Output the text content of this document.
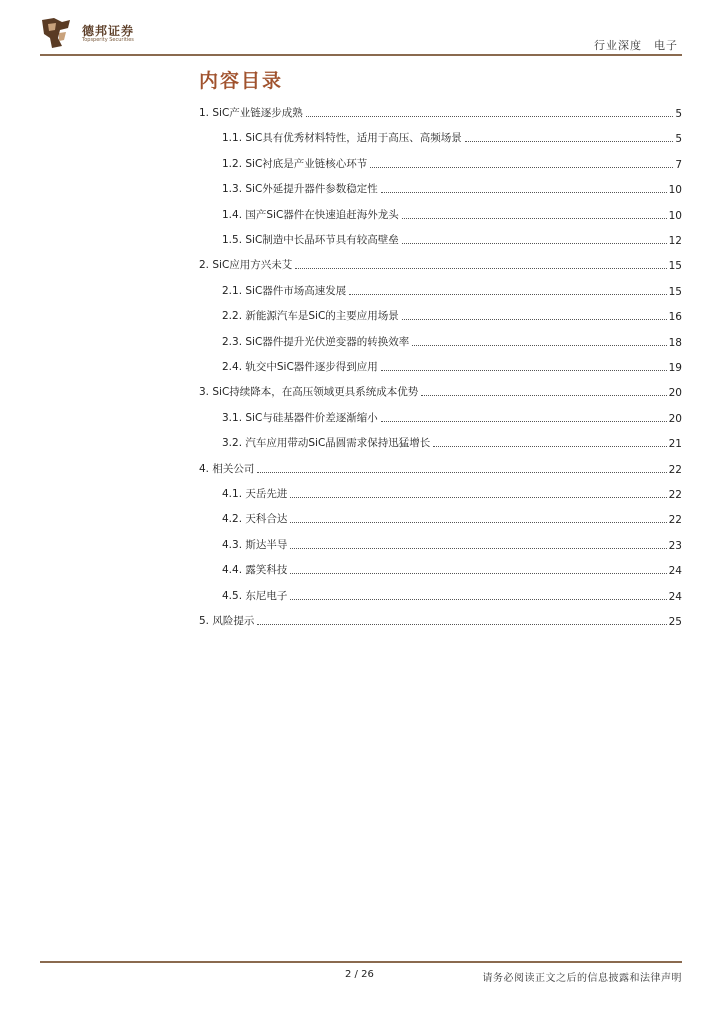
德邦证券
Topsperity Securities	行业深度 电子
内容目录
1. SiC产业链逐步成熟	5
1.1. SiC具有优秀材料特性，适用于高压、高频场景	5
1.2. SiC衬底是产业链核心环节	7
1.3. SiC外延提升器件参数稳定性	10
1.4. 国产SiC器件在快速追赶海外龙头	10
1.5. SiC制造中长晶环节具有较高壁垒	12
2. SiC应用方兴未艾	15
2.1. SiC器件市场高速发展	15
2.2. 新能源汽车是SiC的主要应用场景	16
2.3. SiC器件提升光伏逆变器的转换效率	18
2.4. 轨交中SiC器件逐步得到应用	19
3. SiC持续降本，在高压领域更具系统成本优势	20
3.1. SiC与硅基器件价差逐渐缩小	20
3.2. 汽车应用带动SiC晶圆需求保持迅猛增长	21
4. 相关公司	22
4.1. 天岳先进	22
4.2. 天科合达	22
4.3. 斯达半导	23
4.4. 露笑科技	24
4.5. 东尼电子	24
5. 风险提示	25
2 / 26	请务必阅读正文之后的信息披露和法律声明
